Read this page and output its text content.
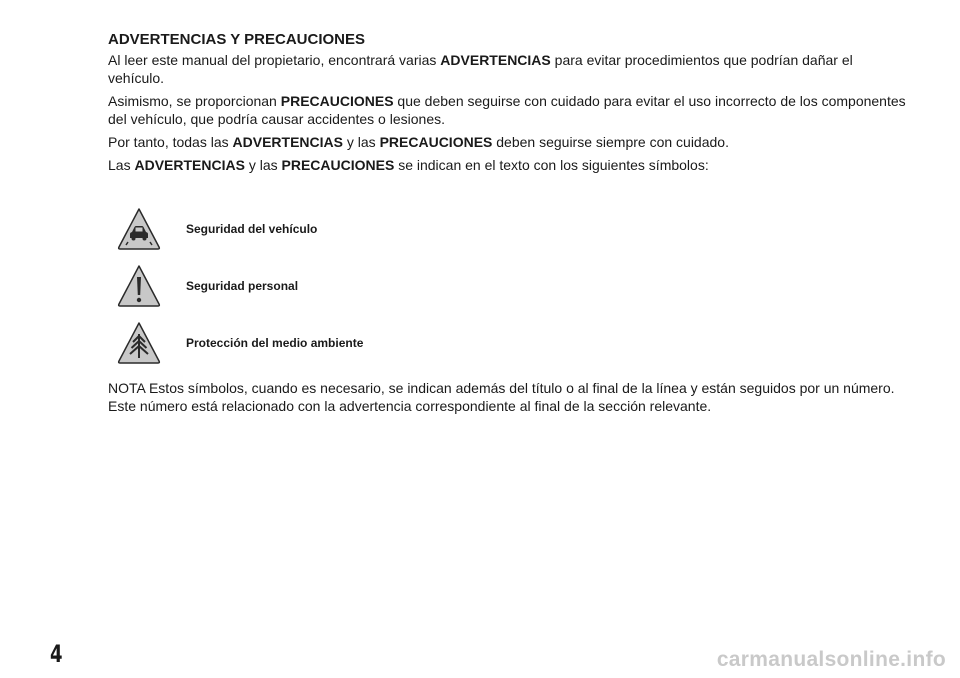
ADVERTENCIAS Y PRECAUCIONES

Al leer este manual del propietario, encontrará varias ADVERTENCIAS para evitar procedimientos que podrían dañar el vehículo.

Asimismo, se proporcionan PRECAUCIONES que deben seguirse con cuidado para evitar el uso incorrecto de los componentes del vehículo, que podría causar accidentes o lesiones.

Por tanto, todas las ADVERTENCIAS y las PRECAUCIONES deben seguirse siempre con cuidado.

Las ADVERTENCIAS y las PRECAUCIONES se indican en el texto con los siguientes símbolos:

Seguridad del vehículo
Seguridad personal
Protección del medio ambiente

NOTA Estos símbolos, cuando es necesario, se indican además del título o al final de la línea y están seguidos por un número. Este número está relacionado con la advertencia correspondiente al final de la sección relevante.

4	carmanualsonline.info
